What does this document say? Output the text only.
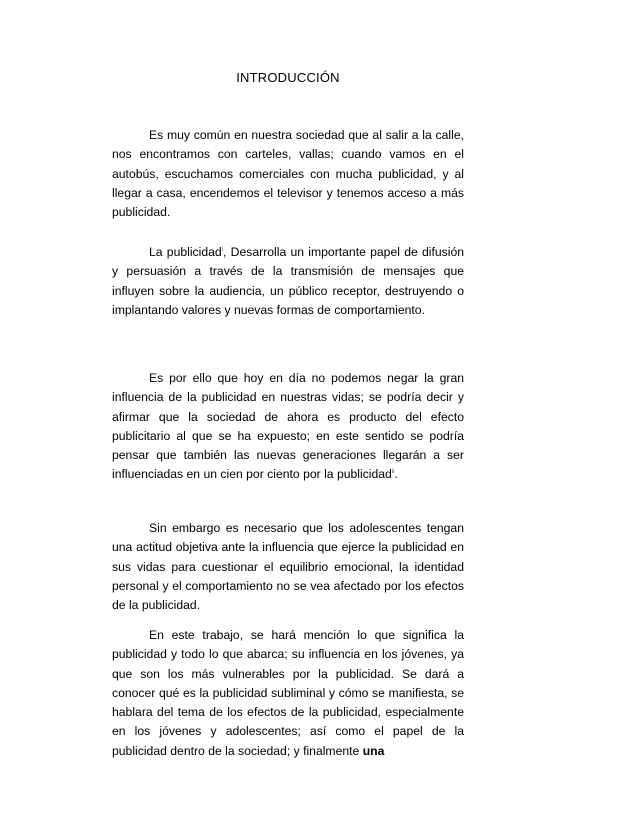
INTRODUCCIÓN

Es muy común en nuestra sociedad que al salir a la calle, nos encontramos con carteles, vallas; cuando vamos en el autobús, escuchamos comerciales con mucha publicidad, y al llegar a casa, encendemos el televisor y tenemos acceso a más publicidad.

La publicidad$^i$, Desarrolla un importante papel de difusión y persuasión a través de la transmisión de mensajes que influyen sobre la audiencia, un público receptor, destruyendo o implantando valores y nuevas formas de comportamiento.

Es por ello que hoy en día no podemos negar la gran influencia de la publicidad en nuestras vidas; se podría decir y afirmar que la sociedad de ahora es producto del efecto publicitario al que se ha expuesto; en este sentido se podría pensar que también las nuevas generaciones llegarán a ser influenciadas en un cien por ciento por la publicidad$^{ii}$.

Sin embargo es necesario que los adolescentes tengan una actitud objetiva ante la influencia que ejerce la publicidad en sus vidas para cuestionar el equilibrio emocional, la identidad personal y el comportamiento no se vea afectado por los efectos de la publicidad.

En este trabajo, se hará mención lo que significa la publicidad y todo lo que abarca; su influencia en los jóvenes, ya que son los más vulnerables por la publicidad. Se dará a conocer qué es la publicidad subliminal y cómo se manifiesta, se hablara del tema de los efectos de la publicidad, especialmente en los jóvenes y adolescentes; así como el papel de la publicidad dentro de la sociedad; y finalmente una
